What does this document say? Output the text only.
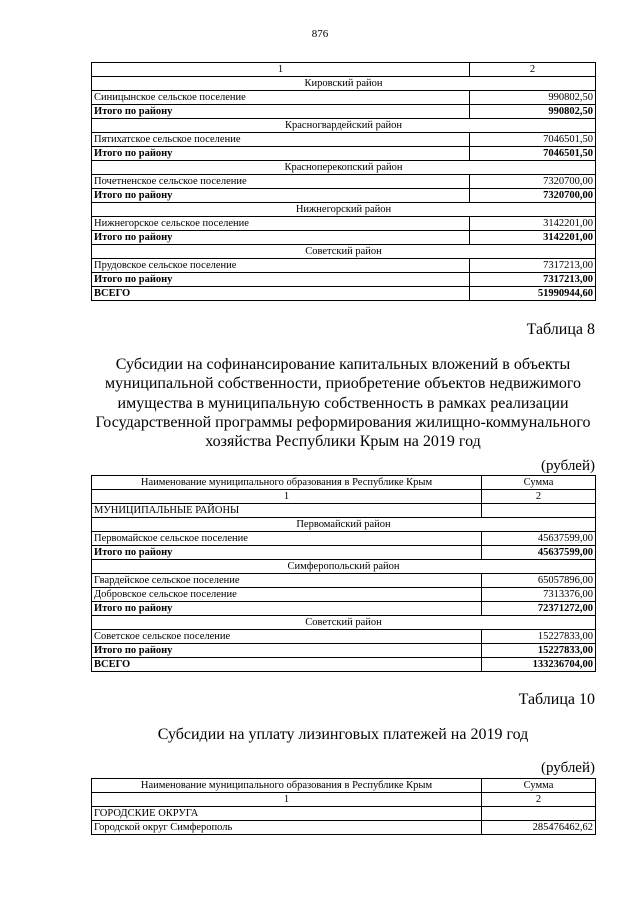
876
1	2
Кировский район	
Синицынское сельское поселение	990802,50
Итого по району	990802,50
Красногвардейский район	
Пятихатское сельское поселение	7046501,50
Итого по району	7046501,50
Красноперекопский район	
Почетненское сельское поселение	7320700,00
Итого по району	7320700,00
Нижнегорский район	
Нижнегорское сельское поселение	3142201,00
Итого по району	3142201,00
Советский район	
Прудовское сельское поселение	7317213,00
Итого по району	7317213,00
ВСЕГО	51990944,60
Таблица 8
Субсидии на софинансирование капитальных вложений в объекты
муниципальной собственности, приобретение объектов недвижимого
имущества в муниципальную собственность в рамках реализации
Государственной программы реформирования жилищно-коммунального
хозяйства Республики Крым на 2019 год
(рублей)
Наименование муниципального образования в Республике Крым	Сумма
1	2
МУНИЦИПАЛЬНЫЕ РАЙОНЫ	
Первомайский район	
Первомайское сельское поселение	45637599,00
Итого по району	45637599,00
Симферопольский район	
Гвардейское сельское поселение	65057896,00
Добровское сельское поселение	7313376,00
Итого по району	72371272,00
Советский район	
Советское сельское поселение	15227833,00
Итого по району	15227833,00
ВСЕГО	133236704,00
Таблица 10
Субсидии на уплату лизинговых платежей на 2019 год
(рублей)
Наименование муниципального образования в Республике Крым	Сумма
1	2
ГОРОДСКИЕ ОКРУГА	
Городской округ Симферополь	285476462,62
